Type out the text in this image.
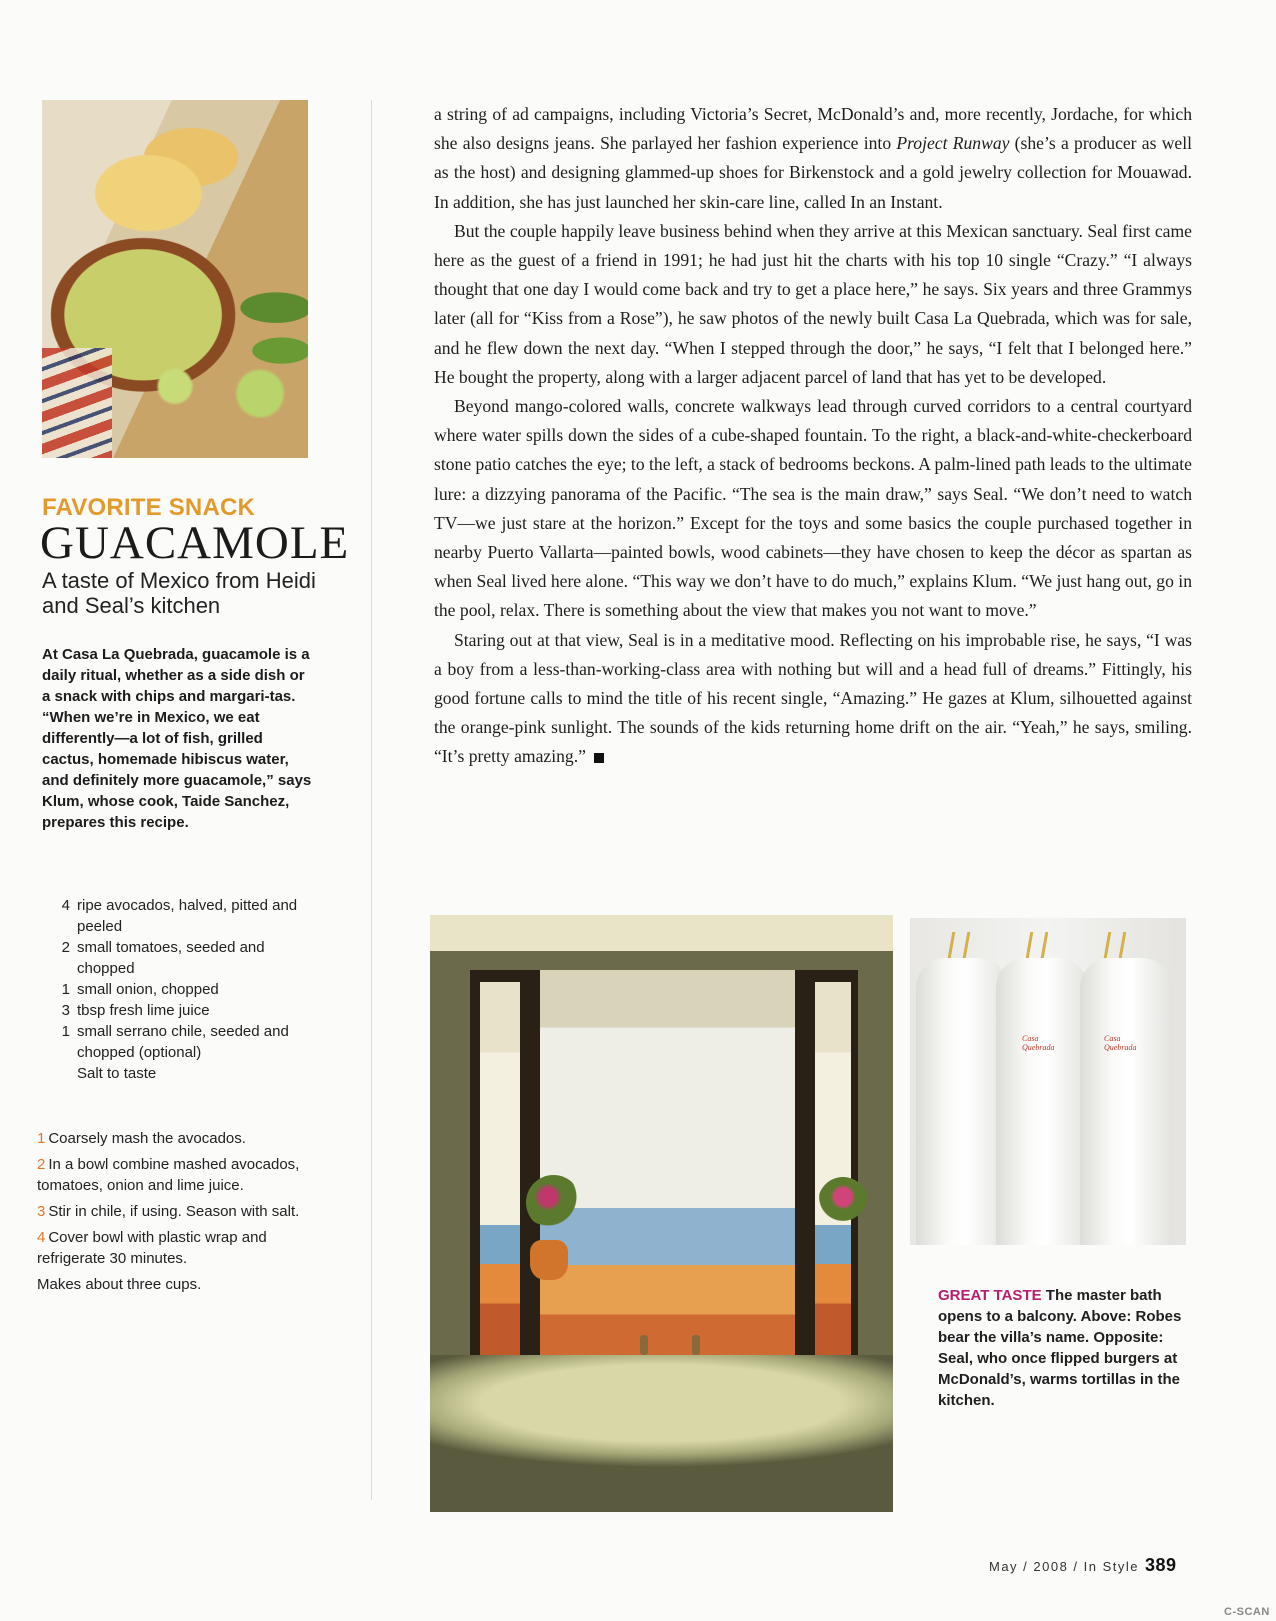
FAVORITE SNACK
GUACAMOLE
A taste of Mexico from Heidi and Seal’s kitchen
At Casa La Quebrada, guacamole is a daily ritual, whether as a side dish or a snack with chips and margari-tas. “When we’re in Mexico, we eat differently—a lot of fish, grilled cactus, homemade hibiscus water, and definitely more guacamole,” says Klum, whose cook, Taide Sanchez, prepares this recipe.
4 ripe avocados, halved, pitted and peeled
2 small tomatoes, seeded and chopped
1 small onion, chopped
3 tbsp fresh lime juice
1 small serrano chile, seeded and chopped (optional)
Salt to taste
1 Coarsely mash the avocados.
2 In a bowl combine mashed avocados, tomatoes, onion and lime juice.
3 Stir in chile, if using. Season with salt.
4 Cover bowl with plastic wrap and refrigerate 30 minutes.
Makes about three cups.

a string of ad campaigns, including Victoria’s Secret, McDonald’s and, more recently, Jordache, for which she also designs jeans. She parlayed her fashion experience into Project Runway (she’s a producer as well as the host) and designing glammed-up shoes for Birkenstock and a gold jewelry collection for Mouawad. In addition, she has just launched her skin-care line, called In an Instant.

But the couple happily leave business behind when they arrive at this Mexican sanctuary. Seal first came here as the guest of a friend in 1991; he had just hit the charts with his top 10 single “Crazy.” “I always thought that one day I would come back and try to get a place here,” he says. Six years and three Grammys later (all for “Kiss from a Rose”), he saw photos of the newly built Casa La Quebrada, which was for sale, and he flew down the next day. “When I stepped through the door,” he says, “I felt that I belonged here.” He bought the property, along with a larger adjacent parcel of land that has yet to be developed.

Beyond mango-colored walls, concrete walkways lead through curved corridors to a central courtyard where water spills down the sides of a cube-shaped fountain. To the right, a black-and-white-checkerboard stone patio catches the eye; to the left, a stack of bedrooms beckons. A palm-lined path leads to the ultimate lure: a dizzying panorama of the Pacific. “The sea is the main draw,” says Seal. “We don’t need to watch TV—we just stare at the horizon.” Except for the toys and some basics the couple purchased together in nearby Puerto Vallarta—painted bowls, wood cabinets—they have chosen to keep the décor as spartan as when Seal lived here alone. “This way we don’t have to do much,” explains Klum. “We just hang out, go in the pool, relax. There is something about the view that makes you not want to move.”

Staring out at that view, Seal is in a meditative mood. Reflecting on his improbable rise, he says, “I was a boy from a less-than-working-class area with nothing but will and a head full of dreams.” Fittingly, his good fortune calls to mind the title of his recent single, “Amazing.” He gazes at Klum, silhouetted against the orange-pink sunlight. The sounds of the kids returning home drift on the air. “Yeah,” he says, smiling. “It’s pretty amazing.”

Casa Quebrada
Casa Quebrada
GREAT TASTE The master bath opens to a balcony. Above: Robes bear the villa’s name. Opposite: Seal, who once flipped burgers at McDonald’s, warms tortillas in the kitchen.
May / 2008 / In Style 389
C-SCAN
